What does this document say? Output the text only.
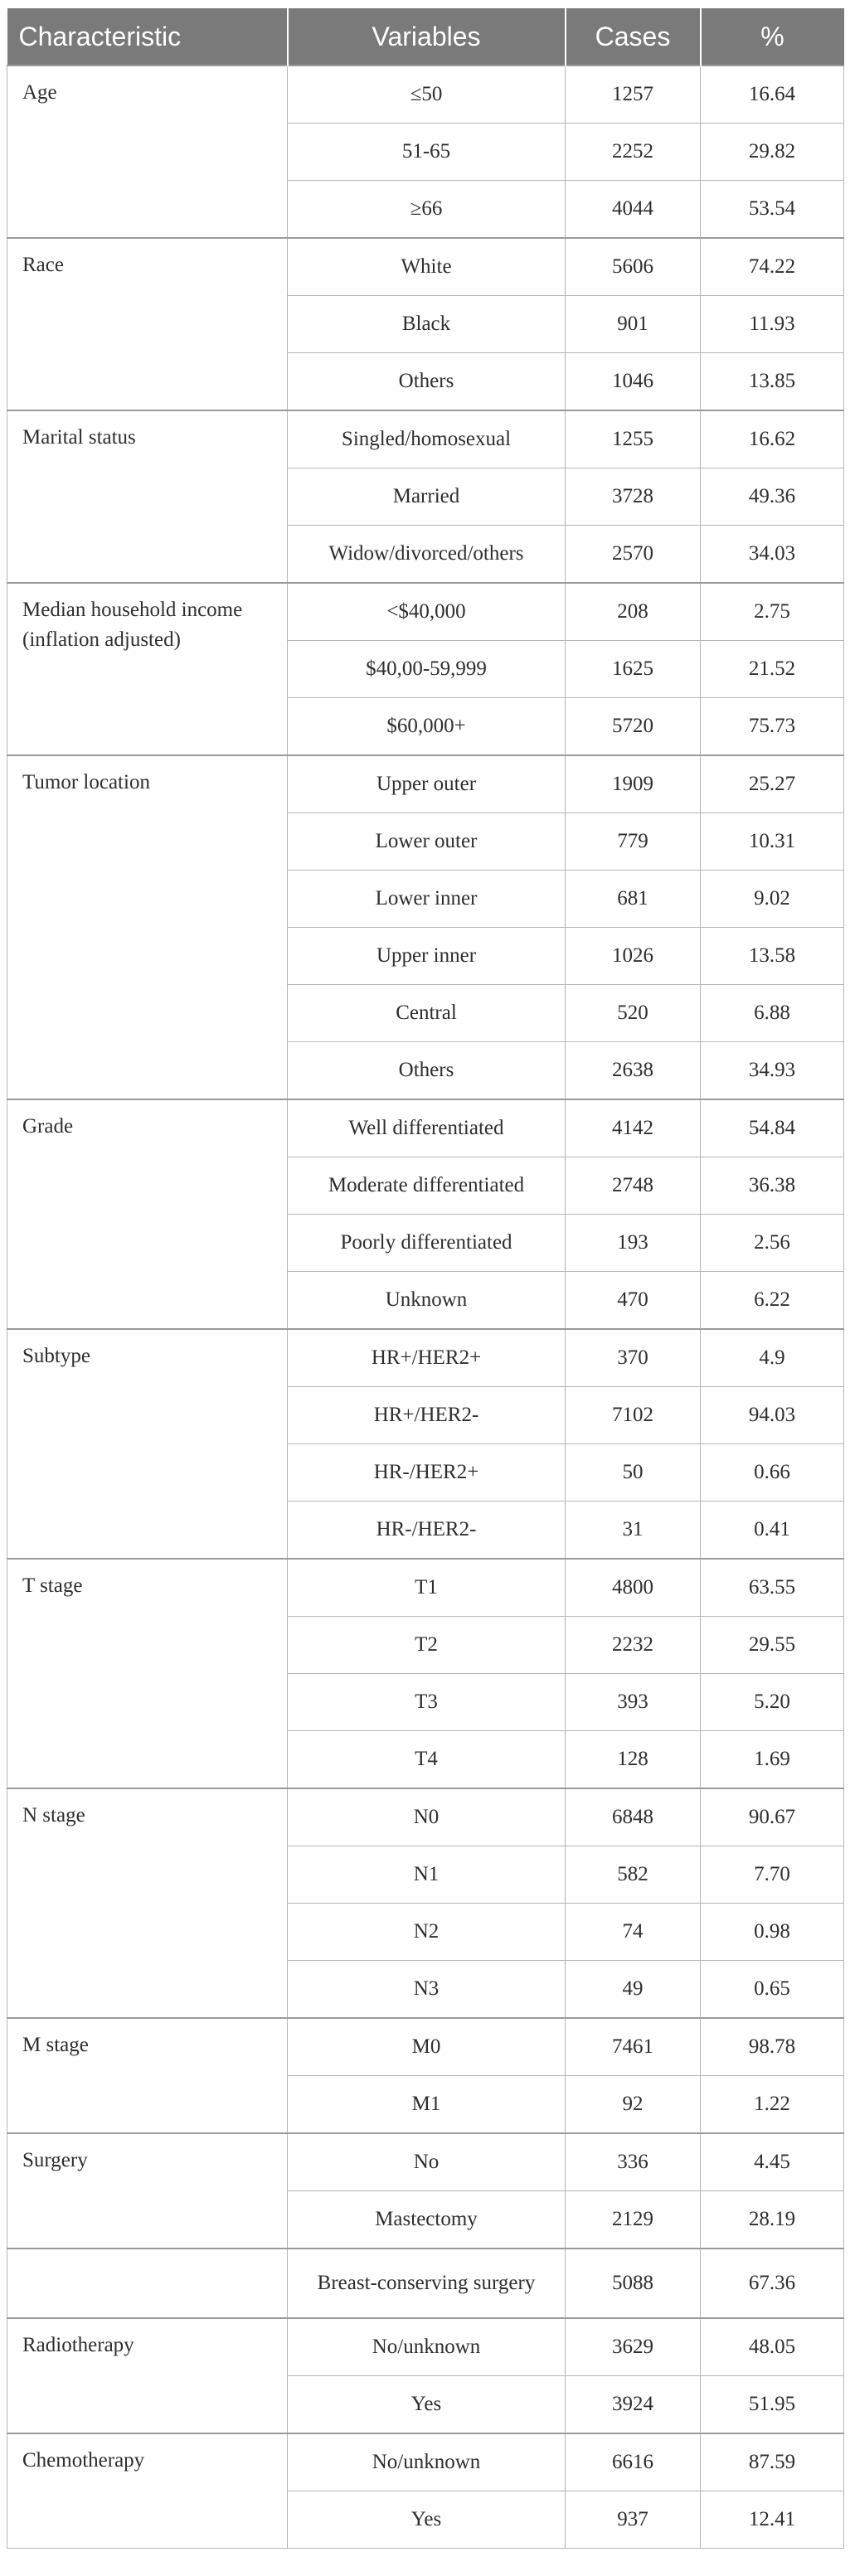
Characteristic	Variables	Cases	%
Age	≤50	1257	16.64
	51-65	2252	29.82
	≥66	4044	53.54
Race	White	5606	74.22
	Black	901	11.93
	Others	1046	13.85
Marital status	Singled/homosexual	1255	16.62
	Married	3728	49.36
	Widow/divorced/others	2570	34.03
Median household income (inflation adjusted)	<$40,000	208	2.75
	$40,00-59,999	1625	21.52
	$60,000+	5720	75.73
Tumor location	Upper outer	1909	25.27
	Lower outer	779	10.31
	Lower inner	681	9.02
	Upper inner	1026	13.58
	Central	520	6.88
	Others	2638	34.93
Grade	Well differentiated	4142	54.84
	Moderate differentiated	2748	36.38
	Poorly differentiated	193	2.56
	Unknown	470	6.22
Subtype	HR+/HER2+	370	4.9
	HR+/HER2-	7102	94.03
	HR-/HER2+	50	0.66
	HR-/HER2-	31	0.41
T stage	T1	4800	63.55
	T2	2232	29.55
	T3	393	5.20
	T4	128	1.69
N stage	N0	6848	90.67
	N1	582	7.70
	N2	74	0.98
	N3	49	0.65
M stage	M0	7461	98.78
	M1	92	1.22
Surgery	No	336	4.45
	Mastectomy	2129	28.19
	Breast-conserving surgery	5088	67.36
Radiotherapy	No/unknown	3629	48.05
	Yes	3924	51.95
Chemotherapy	No/unknown	6616	87.59
	Yes	937	12.41
